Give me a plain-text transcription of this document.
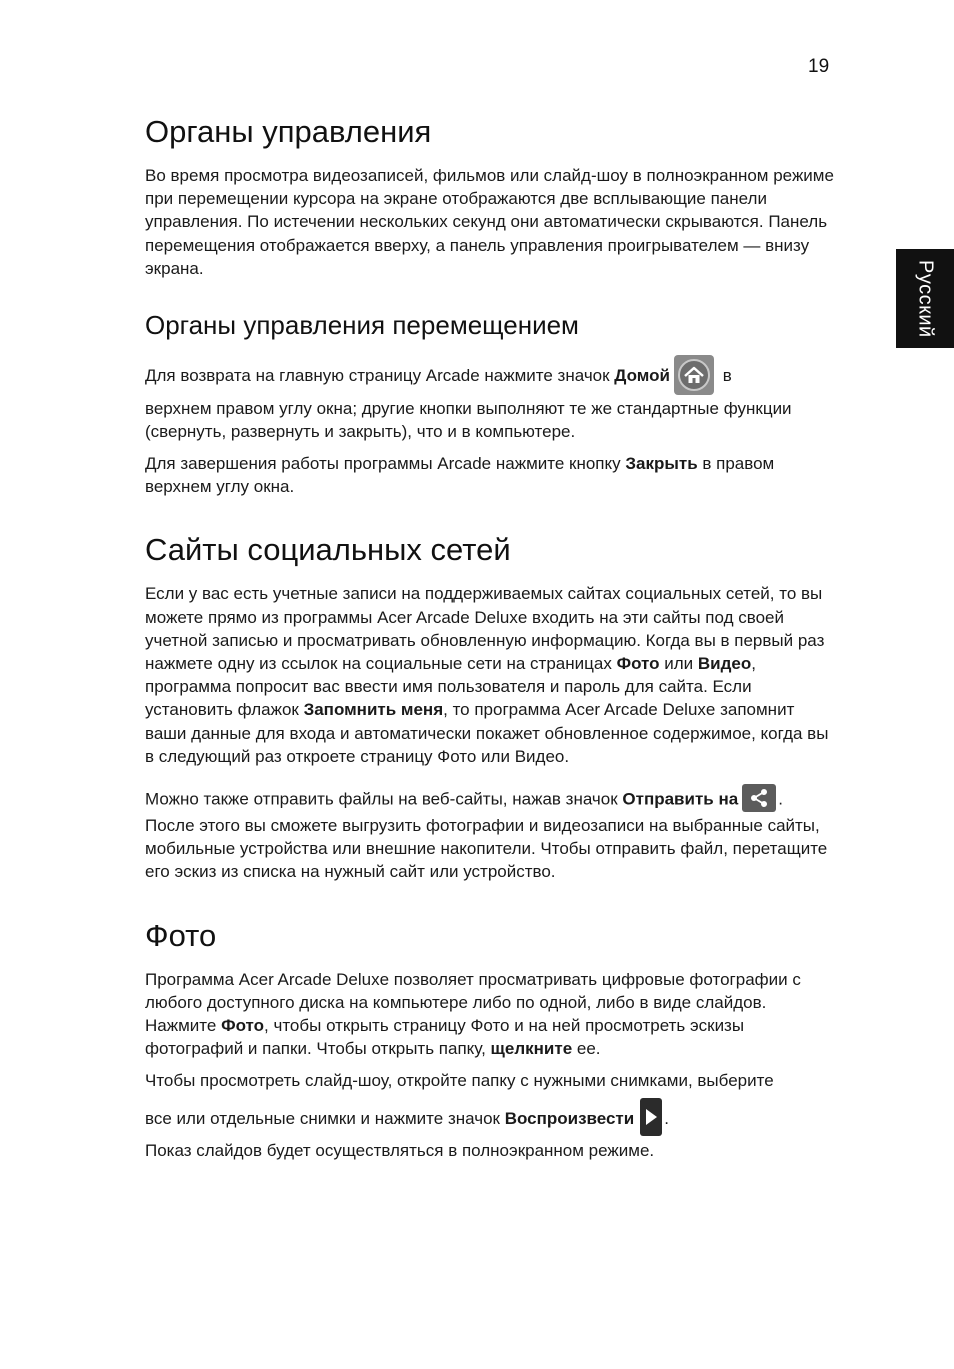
19
Русский
Органы управления

Во время просмотра видеозаписей, фильмов или слайд-шоу в полноэкранном режиме при перемещении курсора на экране отображаются две всплывающие панели управления. По истечении нескольких секунд они автоматически скрываются. Панель перемещения отображается вверху, а панель управления проигрывателем — внизу экрана.

Органы управления перемещением

Для возврата на главную страницу Arcade нажмите значок Домой	в

верхнем правом углу окна; другие кнопки выполняют те же стандартные функции (свернуть, развернуть и закрыть), что и в компьютере.

Для завершения работы программы Arcade нажмите кнопку Закрыть в правом верхнем углу окна.

Сайты социальных сетей

Если у вас есть учетные записи на поддерживаемых сайтах социальных сетей, то вы можете прямо из программы Acer Arcade Deluxe входить на эти сайты под своей учетной записью и просматривать обновленную информацию. Когда вы в первый раз нажмете одну из ссылок на социальные сети на страницах Фото или Видео, программа попросит вас ввести имя пользователя и пароль для сайта. Если установить флажок Запомнить меня, то программа Acer Arcade Deluxe запомнит ваши данные для входа и автоматически покажет обновленное содержимое, когда вы в следующий раз откроете страницу Фото или Видео.

Можно также отправить файлы на веб-сайты, нажав значок Отправить на . После этого вы сможете выгрузить фотографии и видеозаписи на выбранные сайты, мобильные устройства или внешние накопители. Чтобы отправить файл, перетащите его эскиз из списка на нужный сайт или устройство.

Фото

Программа Acer Arcade Deluxe позволяет просматривать цифровые фотографии с любого доступного диска на компьютере либо по одной, либо в виде слайдов. Нажмите Фото, чтобы открыть страницу Фото и на ней просмотреть эскизы фотографий и папки. Чтобы открыть папку, щелкните ее.

Чтобы просмотреть слайд-шоу, откройте папку с нужными снимками, выберите

все или отдельные снимки и нажмите значок Воспроизвести .

Показ слайдов будет осуществляться в полноэкранном режиме.
